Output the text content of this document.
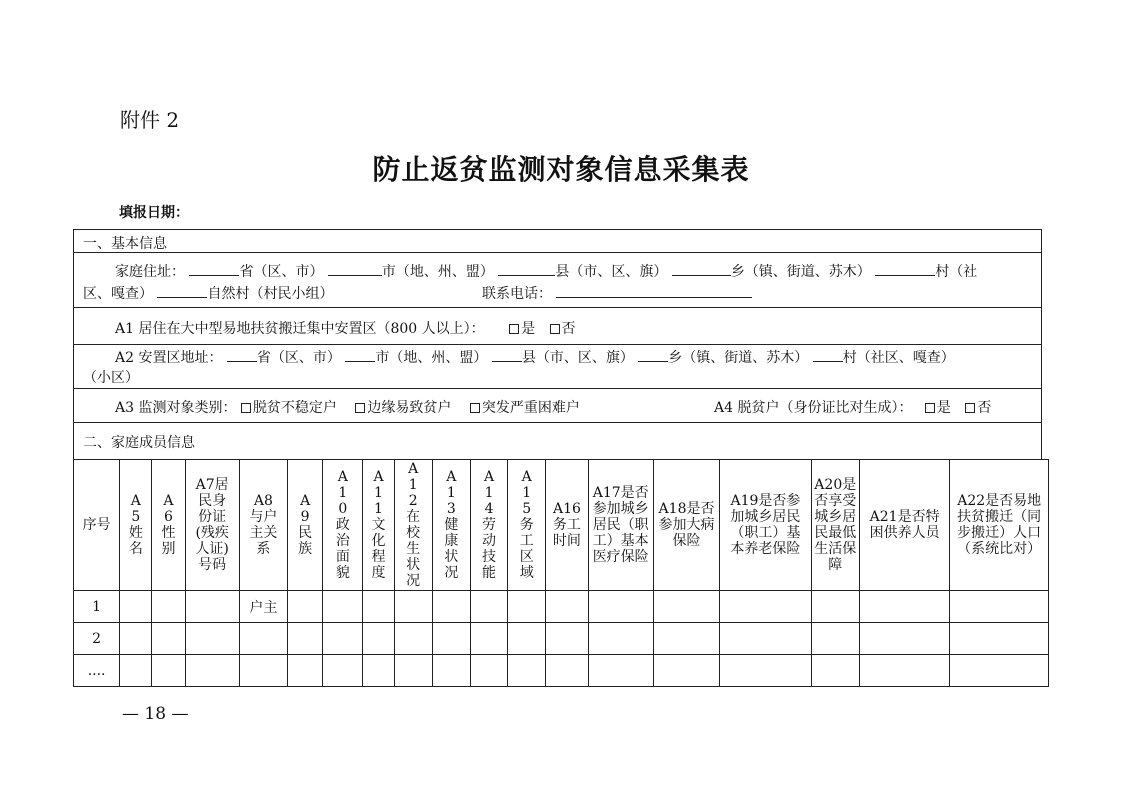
附件 2
防止返贫监测对象信息采集表
填报日期：
一、基本信息
家庭住址：	省（区、市）	市（地、州、盟）	县（市、区、旗）	乡（镇、街道、苏木）	村（社
区、嘎查）	自然村（村民小组）	联系电话：
A1 居住在大中型易地扶贫搬迁集中安置区（800 人以上）：	是 否
A2 安置区地址： 省（区、市） 市（地、州、盟） 县（市、区、旗） 乡（镇、街道、苏木） 村（社区、嘎查）
（小区）
A3 监测对象类别： 脱贫不稳定户 边缘易致贫户 突发严重困难户	A4 脱贫户（身份证比对生成）： 是 否
二、家庭成员信息
序号	A5姓名	A6性别	A7居民身份证(残疾人证)号码	A8与户主关系	A9民族	A10政治面貌	A11文化程度	A12在校生状况	A13健康状况	A14劳动技能	A15务工区域	A16务工时间	A17是否参加城乡居民（职工）基本医疗保险	A18是否参加大病保险	A19是否参加城乡居民（职工）基本养老保险	A20是否享受城乡居民最低生活保障	A21是否特困供养人员	A22是否易地扶贫搬迁（同步搬迁）人口（系统比对）
1				户主														
2																		
....																		
— 18 —
